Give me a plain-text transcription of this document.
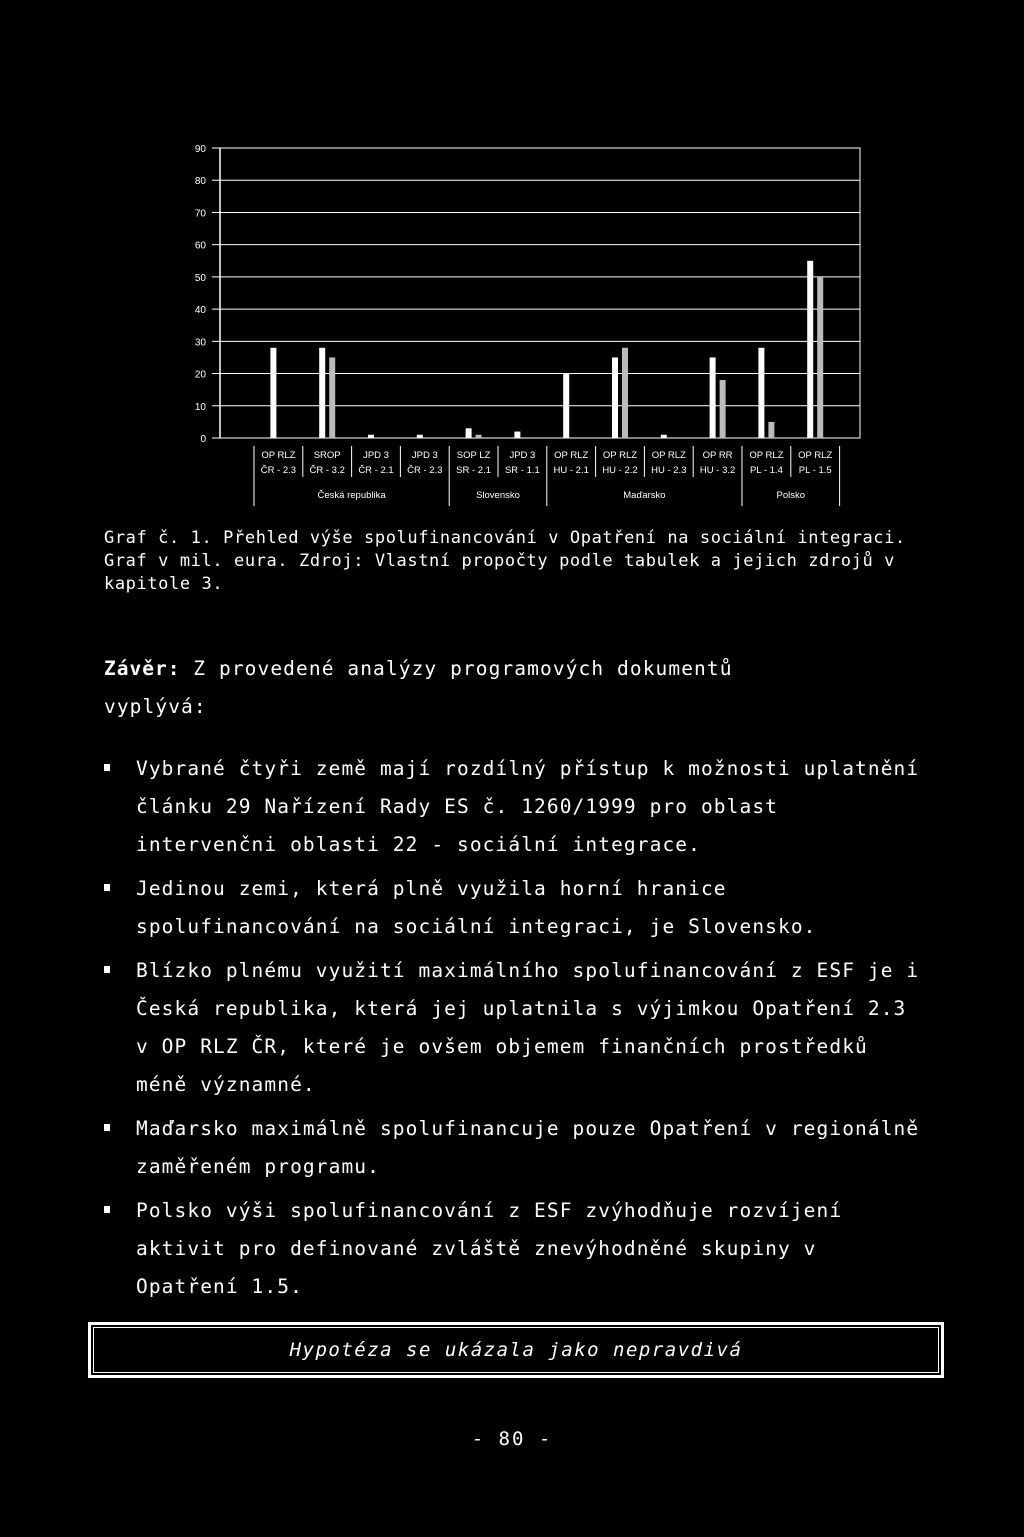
0
10
20
30
40
50
60
70
80
90
OP RLZ
ČR - 2.3
SROP
ČR - 3.2
JPD 3
ČR - 2.1
JPD 3
ČR - 2.3
SOP LZ
SR - 2.1
JPD 3
SR - 1.1
OP RLZ
HU - 2.1
OP RLZ
HU - 2.2
OP RLZ
HU - 2.3
OP RR
HU - 3.2
OP RLZ
PL - 1.4
OP RLZ
PL - 1.5
Česká republika	Slovensko	Maďarsko	Polsko

Graf č. 1. Přehled výše spolufinancování v Opatření na sociální integraci.

Graf v mil. eura. Zdroj: Vlastní propočty podle tabulek a jejich zdrojů v kapitole 3.

Závěr: Z provedené analýzy programových dokumentů
vyplývá:

Vybrané čtyři země mají rozdílný přístup k možnosti uplatnění článku 29 Nařízení Rady ES č. 1260/1999 pro oblast intervenčni oblasti 22 - sociální integrace.
Jedinou zemi, která plně využila horní hranice spolufinancování na sociální integraci, je Slovensko.
Blízko plnému využití maximálního spolufinancování z ESF je i Česká republika, která jej uplatnila s výjimkou Opatření 2.3 v OP RLZ ČR, které je ovšem objemem finančních prostředků méně významné.
Maďarsko maximálně spolufinancuje pouze Opatření v regionálně zaměřeném programu.
Polsko výši spolufinancování z ESF zvýhodňuje rozvíjení aktivit pro definované zvláště znevýhodněné skupiny v Opatření 1.5.
Hypotéza se ukázala jako nepravdivá
- 80 -
